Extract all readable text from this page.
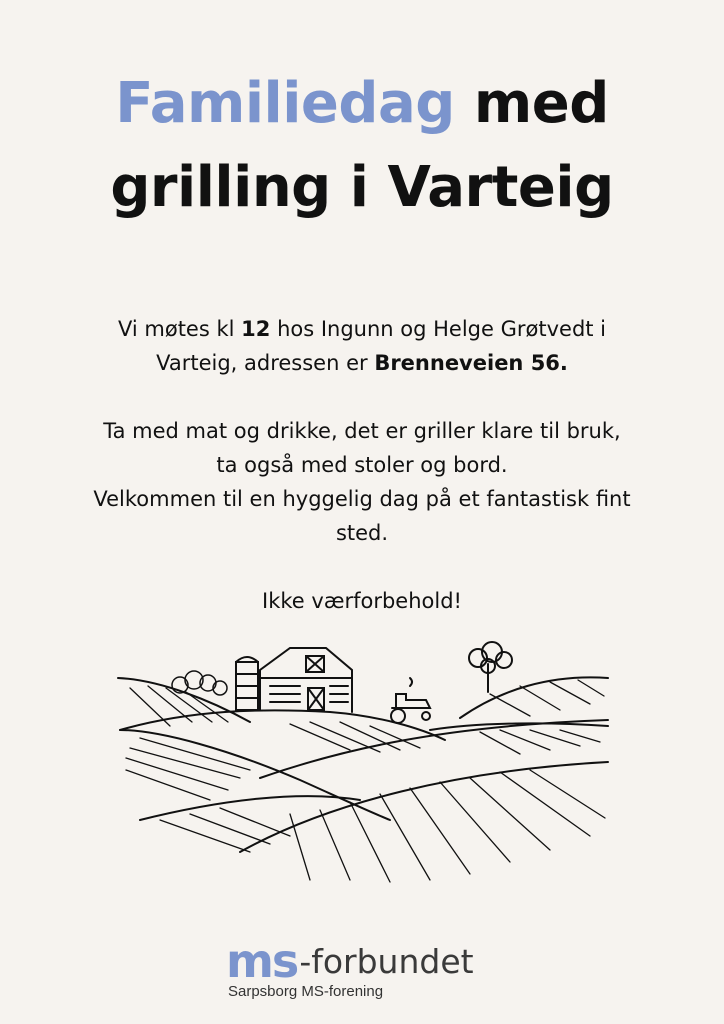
Familiedag med
grilling i Varteig
Vi møtes kl 12 hos Ingunn og Helge Grøtvedt i
Varteig, adressen er Brenneveien 56.
Ta med mat og drikke, det er griller klare til bruk,
ta også med stoler og bord.
Velkommen til en hyggelig dag på et fantastisk fint
sted.
Ikke værforbehold!
ms -forbundet
Sarpsborg MS-forening
